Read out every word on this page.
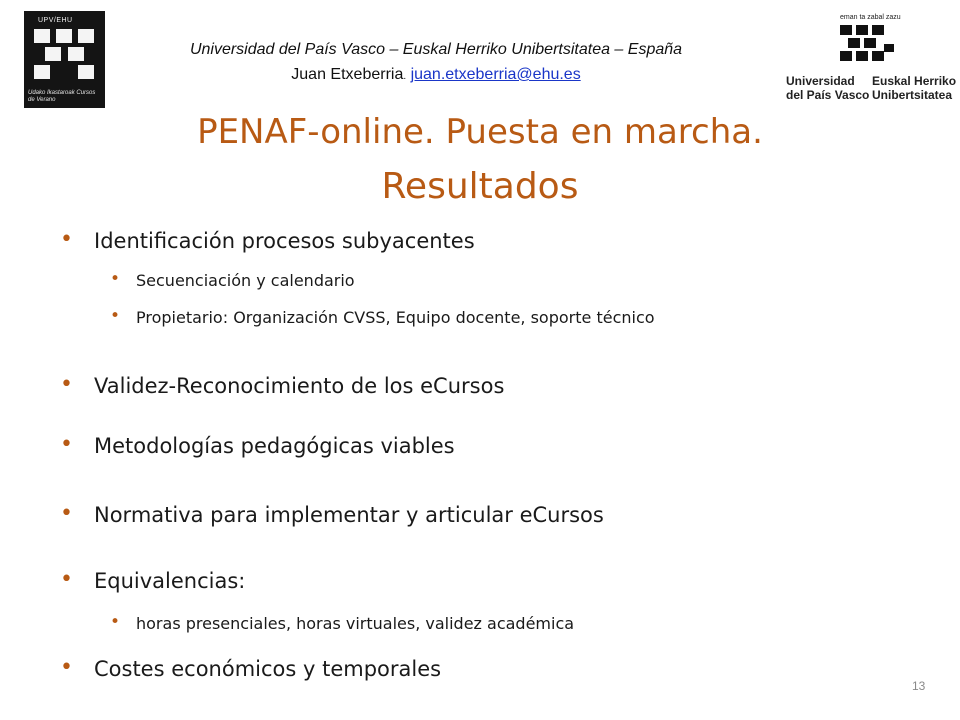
UPV/EHU
Udako Ikastaroak Cursos de Verano
Universidad del País Vasco – Euskal Herriko Unibertsitatea – España
Juan Etxeberria. juan.etxeberria@ehu.es
eman ta zabal zazu
Universidad
del País Vasco
Euskal Herriko
Unibertsitatea
PENAF-online. Puesta en marcha.
Resultados
• Identificación procesos subyacentes
• Secuenciación y calendario
• Propietario: Organización CVSS, Equipo docente, soporte técnico
• Validez-Reconocimiento de los eCursos
• Metodologías pedagógicas viables
• Normativa para implementar y articular eCursos
• Equivalencias:
• horas presenciales, horas virtuales, validez académica
• Costes económicos y temporales
13
